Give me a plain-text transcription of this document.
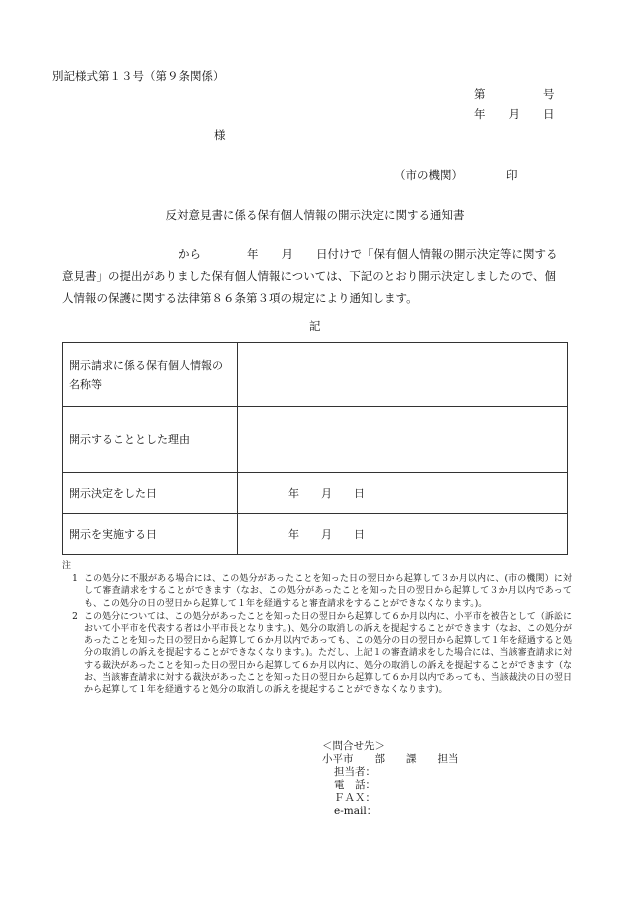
別記様式第１３号（第９条関係）
第　　　　　号
年　　月　　日
様
（市の機関）	印
反対意見書に係る保有個人情報の開示決定に関する通知書
から　　　　年　　月　　日付けで「保有個人情報の開示決定等に関する
意見書」の提出がありました保有個人情報については、下記のとおり開示決定しましたので、個
人情報の保護に関する法律第８６条第３項の規定により通知します。
記
開示請求に係る保有個人情報の名称等	
開示することとした理由	
開示決定をした日	年　　月　　日
開示を実施する日	年　　月　　日
注
1 この処分に不服がある場合には、この処分があったことを知った日の翌日から起算して３か月以内に、(市の機関）に対して審査請求をすることができます（なお、この処分があったことを知った日の翌日から起算して３か月以内であっても、この処分の日の翌日から起算して１年を経過すると審査請求をすることができなくなります。)。
2 この処分については、この処分があったことを知った日の翌日から起算して６か月以内に、小平市を被告として（訴訟において小平市を代表する者は小平市長となります。)、処分の取消しの訴えを提起することができます（なお、この処分があったことを知った日の翌日から起算して６か月以内であっても、この処分の日の翌日から起算して１年を経過すると処分の取消しの訴えを提起することができなくなります。)。ただし、上記１の審査請求をした場合には、当該審査請求に対する裁決があったことを知った日の翌日から起算して６か月以内に、処分の取消しの訴えを提起することができます（なお、当該審査請求に対する裁決があったことを知った日の翌日から起算して６か月以内であっても、当該裁決の日の翌日から起算して１年を経過すると処分の取消しの訴えを提起することができなくなります)。
＜問合せ先＞
小平市　　部　　課　　担当
担当者：
電　話：
ＦＡＸ：
e-mail：
